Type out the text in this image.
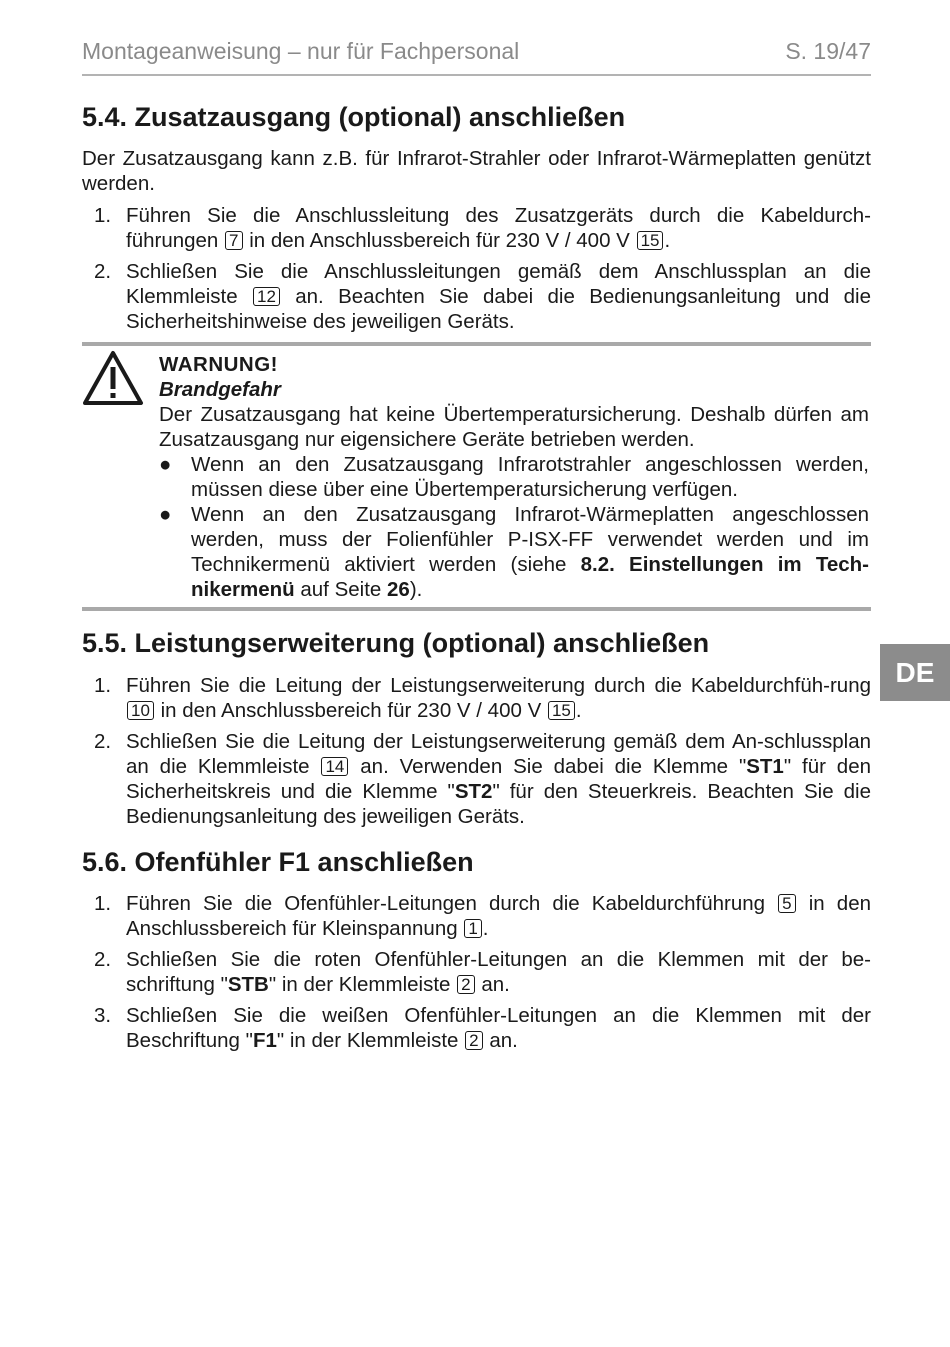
Montageanweisung – nur für Fachpersonal	S. 19/47
5.4. Zusatzausgang (optional) anschließen

Der Zusatzausgang kann z.B. für Infrarot-Strahler oder Infrarot-Wärmeplatten genützt werden.

1. Führen Sie die Anschlussleitung des Zusatzgeräts durch die Kabeldurch-führungen 7 in den Anschlussbereich für 230 V / 400 V 15 .
2. Schließen Sie die Anschlussleitungen gemäß dem Anschlussplan an die Klemmleiste 12 an. Beachten Sie dabei die Bedienungsanleitung und die Sicherheitshinweise des jeweiligen Geräts.
WARNUNG!
Brandgefahr
Der Zusatzausgang hat keine Übertemperatursicherung. Deshalb dürfen am Zusatzausgang nur eigensichere Geräte betrieben werden.
● Wenn an den Zusatzausgang Infrarotstrahler angeschlossen werden, müssen diese über eine Übertemperatursicherung verfügen.
● Wenn an den Zusatzausgang Infrarot-Wärmeplatten angeschlossen werden, muss der Folienfühler P-ISX-FF verwendet werden und im Technikermenü aktiviert werden (siehe 8.2. Einstellungen im Tech-nikermenü auf Seite 26).
DE
5.5. Leistungserweiterung (optional) anschließen
1. Führen Sie die Leitung der Leistungserweiterung durch die Kabeldurchfüh-rung 10 in den Anschlussbereich für 230 V / 400 V 15 .
2. Schließen Sie die Leitung der Leistungserweiterung gemäß dem An-schlussplan an die Klemmleiste 14 an. Verwenden Sie dabei die Klemme "ST1" für den Sicherheitskreis und die Klemme "ST2" für den Steuerkreis. Beachten Sie die Bedienungsanleitung des jeweiligen Geräts.
5.6. Ofenfühler F1 anschließen
1. Führen Sie die Ofenfühler-Leitungen durch die Kabeldurchführung 5 in den Anschlussbereich für Kleinspannung 1 .
2. Schließen Sie die roten Ofenfühler-Leitungen an die Klemmen mit der be-schriftung "STB" in der Klemmleiste 2 an.
3. Schließen Sie die weißen Ofenfühler-Leitungen an die Klemmen mit der Beschriftung "F1" in der Klemmleiste 2 an.
